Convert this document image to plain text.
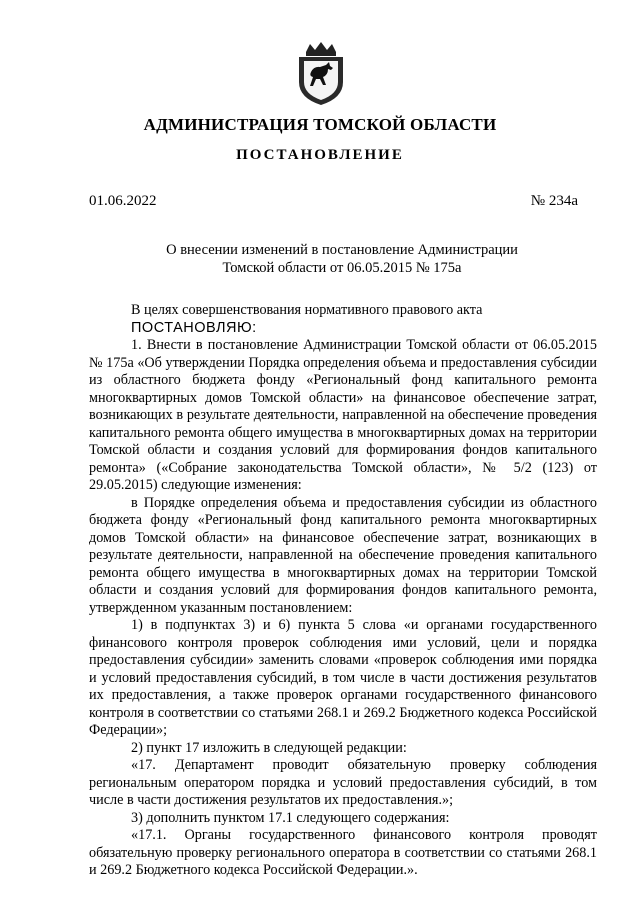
АДМИНИСТРАЦИЯ ТОМСКОЙ ОБЛАСТИ
ПОСТАНОВЛЕНИЕ
01.06.2022	№ 234а
О внесении изменений в постановление Администрации
Томской области от 06.05.2015 № 175а

В целях совершенствования нормативного правового акта

ПОСТАНОВЛЯЮ:

1. Внести в постановление Администрации Томской области от 06.05.2015 № 175а «Об утверждении Порядка определения объема и предоставления субсидии из областного бюджета фонду «Региональный фонд капитального ремонта многоквартирных домов Томской области» на финансовое обеспечение затрат, возникающих в результате деятельности, направленной на обеспечение проведения капитального ремонта общего имущества в многоквартирных домах на территории Томской области и создания условий для формирования фондов капитального ремонта» («Собрание законодательства Томской области», № 5/2 (123) от 29.05.2015) следующие изменения:

в Порядке определения объема и предоставления субсидии из областного бюджета фонду «Региональный фонд капитального ремонта многоквартирных домов Томской области» на финансовое обеспечение затрат, возникающих в результате деятельности, направленной на обеспечение проведения капитального ремонта общего имущества в многоквартирных домах на территории Томской области и создания условий для формирования фондов капитального ремонта, утвержденном указанным постановлением:

1) в подпунктах 3) и 6) пункта 5 слова «и органами государственного финансового контроля проверок соблюдения ими условий, цели и порядка предоставления субсидии» заменить словами «проверок соблюдения ими порядка и условий предоставления субсидий, в том числе в части достижения результатов их предоставления, а также проверок органами государственного финансового контроля в соответствии со статьями 268.1 и 269.2 Бюджетного кодекса Российской Федерации»;

2) пункт 17 изложить в следующей редакции:

«17. Департамент проводит обязательную проверку соблюдения региональным оператором порядка и условий предоставления субсидий, в том числе в части достижения результатов их предоставления.»;

3) дополнить пунктом 17.1 следующего содержания:

«17.1. Органы государственного финансового контроля проводят обязательную проверку регионального оператора в соответствии со статьями 268.1 и 269.2 Бюджетного кодекса Российской Федерации.».
